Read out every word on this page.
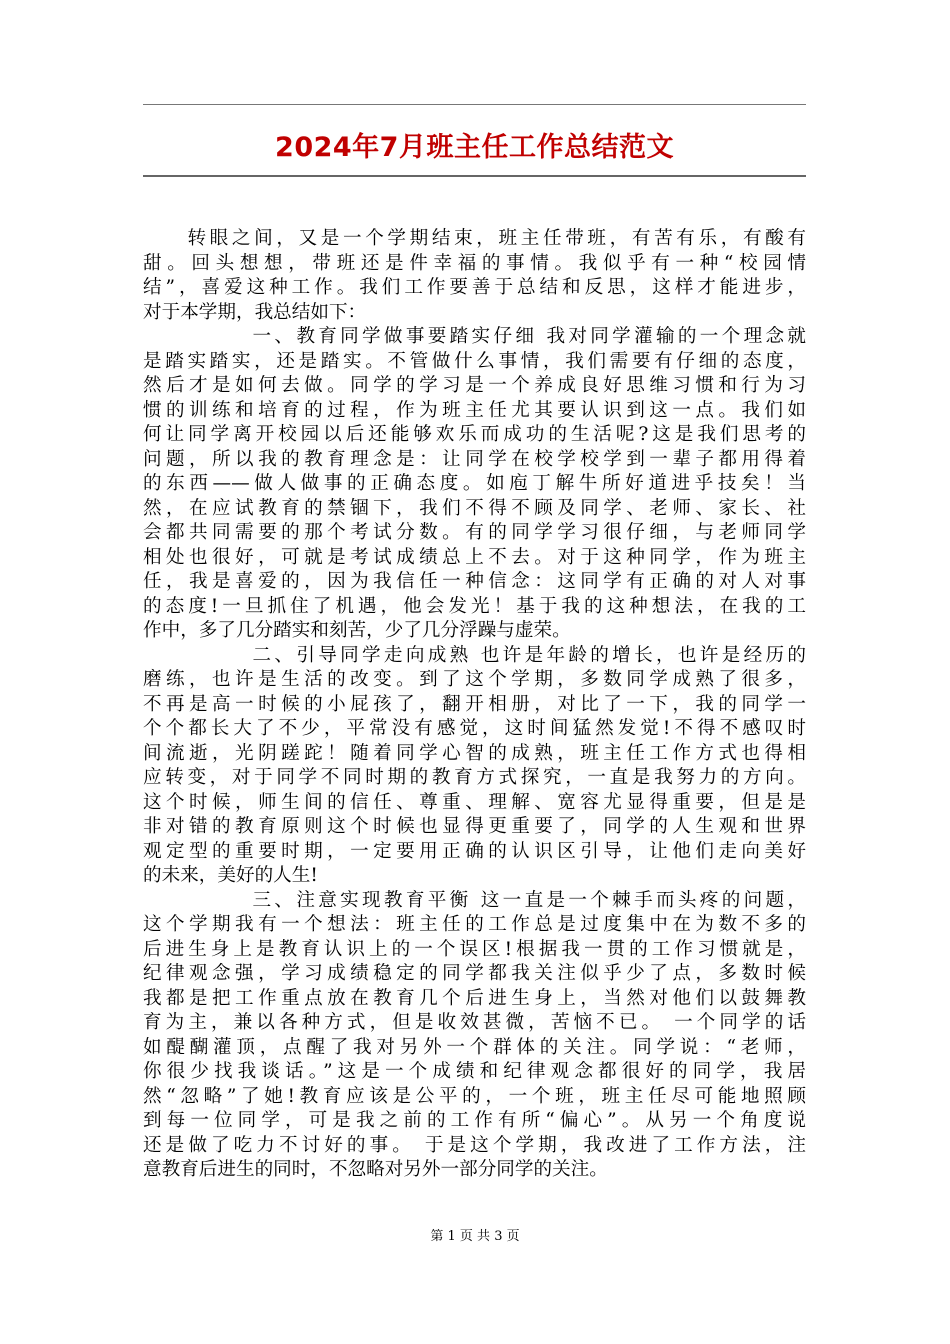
2024年7月班主任工作总结范文
　　转眼之间，又是一个学期结束，班主任带班，有苦有乐，有酸有
甜。回头想想，带班还是件幸福的事情。我似乎有一种“校园情
结”，喜爱这种工作。我们工作要善于总结和反思，这样才能进步，
对于本学期，我总结如下：
　　　　　一、教育同学做事要踏实仔细 我对同学灌输的一个理念就
是踏实踏实，还是踏实。不管做什么事情，我们需要有仔细的态度，
然后才是如何去做。同学的学习是一个养成良好思维习惯和行为习
惯的训练和培育的过程，作为班主任尤其要认识到这一点。我们如
何让同学离开校园以后还能够欢乐而成功的生活呢?这是我们思考的
问题，所以我的教育理念是：让同学在校学校学到一辈子都用得着
的东西——做人做事的正确态度。如庖丁解牛所好道进乎技矣！当
然，在应试教育的禁锢下，我们不得不顾及同学、老师、家长、社
会都共同需要的那个考试分数。有的同学学习很仔细，与老师同学
相处也很好，可就是考试成绩总上不去。对于这种同学，作为班主
任，我是喜爱的，因为我信任一种信念：这同学有正确的对人对事
的态度!一旦抓住了机遇，他会发光！基于我的这种想法，在我的工
作中，多了几分踏实和刻苦，少了几分浮躁与虚荣。
　　　　　二、引导同学走向成熟 也许是年龄的增长，也许是经历的
磨练，也许是生活的改变。到了这个学期，多数同学成熟了很多，
不再是高一时候的小屁孩了，翻开相册，对比了一下，我的同学一
个个都长大了不少，平常没有感觉，这时间猛然发觉!不得不感叹时
间流逝，光阴蹉跎！随着同学心智的成熟，班主任工作方式也得相
应转变，对于同学不同时期的教育方式探究，一直是我努力的方向。
这个时候，师生间的信任、尊重、理解、宽容尤显得重要，但是是
非对错的教育原则这个时候也显得更重要了，同学的人生观和世界
观定型的重要时期，一定要用正确的认识区引导，让他们走向美好
的未来，美好的人生!
　　　　　三、注意实现教育平衡 这一直是一个棘手而头疼的问题，
这个学期我有一个想法：班主任的工作总是过度集中在为数不多的
后进生身上是教育认识上的一个误区!根据我一贯的工作习惯就是，
纪律观念强，学习成绩稳定的同学都我关注似乎少了点，多数时候
我都是把工作重点放在教育几个后进生身上，当然对他们以鼓舞教
育为主，兼以各种方式，但是收效甚微，苦恼不已。 一个同学的话
如醍醐灌顶，点醒了我对另外一个群体的关注。同学说：“老师，
你很少找我谈话。”这是一个成绩和纪律观念都很好的同学，我居
然“忽略”了她!教育应该是公平的，一个班，班主任尽可能地照顾
到每一位同学，可是我之前的工作有所“偏心”。从另一个角度说
还是做了吃力不讨好的事。 于是这个学期，我改进了工作方法，注
意教育后进生的同时，不忽略对另外一部分同学的关注。
第 1 页 共 3 页
